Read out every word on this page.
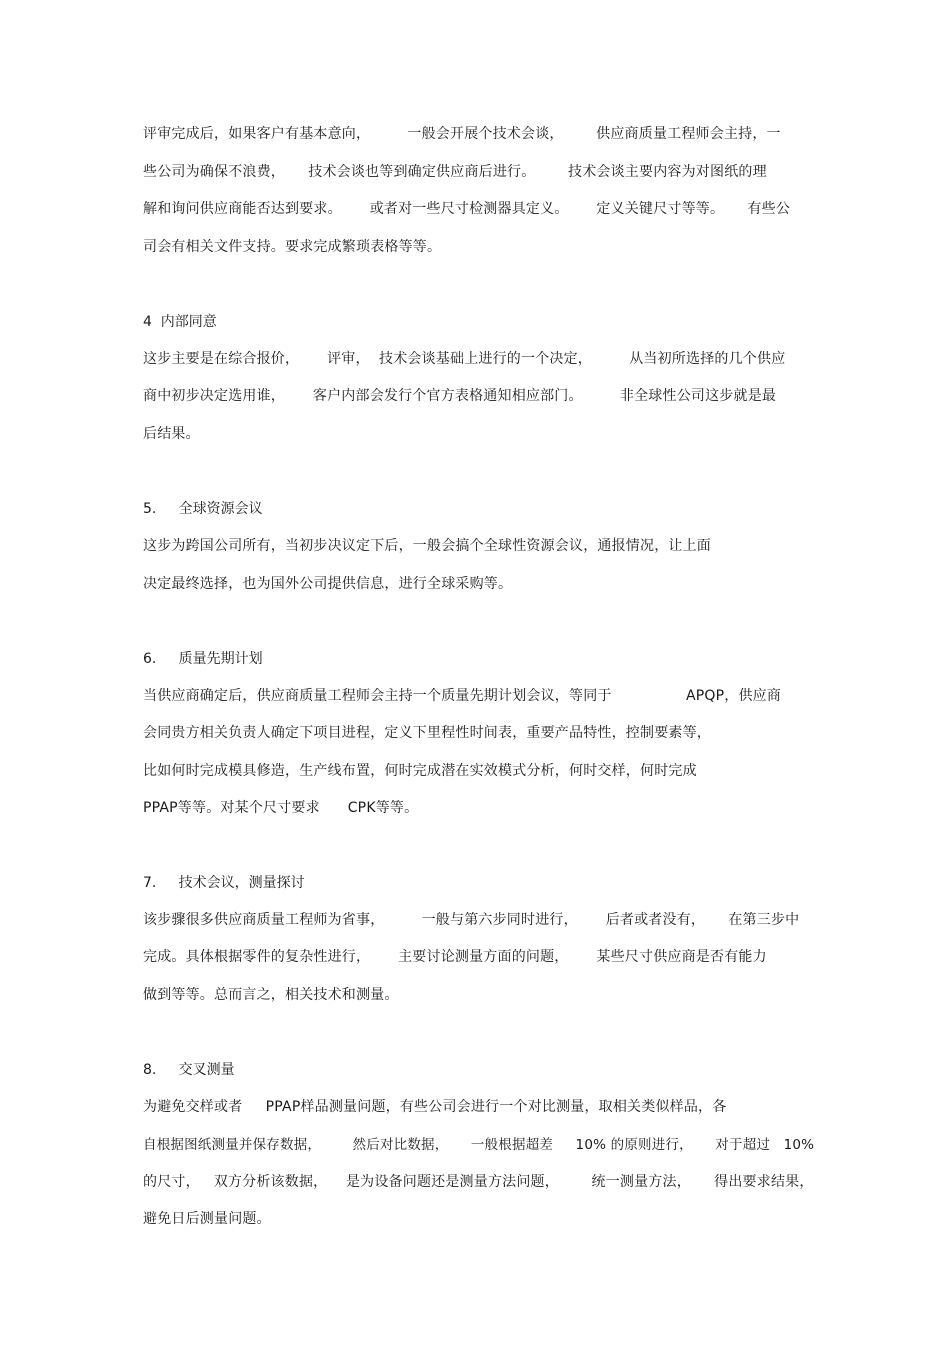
评审完成后，如果客户有基本意向，        一般会开展个技术会谈，       供应商质量工程师会主持，一
些公司为确保不浪费，     技术会谈也等到确定供应商后进行。       技术会谈主要内容为对图纸的理
解和询问供应商能否达到要求。      或者对一些尺寸检测器具定义。      定义关键尺寸等等。     有些公
司会有相关文件支持。要求完成繁琐表格等等。
4  内部同意
这步主要是在综合报价，      评审，  技术会谈基础上进行的一个决定，        从当初所选择的几个供应
商中初步决定选用谁，      客户内部会发行个官方表格通知相应部门。        非全球性公司这步就是最
后结果。
5.     全球资源会议
这步为跨国公司所有，当初步决议定下后，一般会搞个全球性资源会议，通报情况，让上面
决定最终选择，也为国外公司提供信息，进行全球采购等。
6.     质量先期计划
当供应商确定后，供应商质量工程师会主持一个质量先期计划会议，等同于                APQP，供应商
会同贵方相关负责人确定下项目进程，定义下里程性时间表，重要产品特性，控制要素等，
比如何时完成模具修造，生产线布置，何时完成潜在实效模式分析，何时交样，何时完成
PPAP等等。对某个尺寸要求      CPK等等。
7.     技术会议，测量探讨
该步骤很多供应商质量工程师为省事，        一般与第六步同时进行，      后者或者没有，     在第三步中
完成。具体根据零件的复杂性进行，      主要讨论测量方面的问题，      某些尺寸供应商是否有能力
做到等等。总而言之，相关技术和测量。
8.     交叉测量
为避免交样或者     PPAP样品测量问题，有些公司会进行一个对比测量，取相关类似样品，各
自根据图纸测量并保存数据，       然后对比数据，     一般根据超差     10% 的原则进行，     对于超过   10%
的尺寸，   双方分析该数据，    是为设备问题还是测量方法问题，       统一测量方法，     得出要求结果，
避免日后测量问题。
